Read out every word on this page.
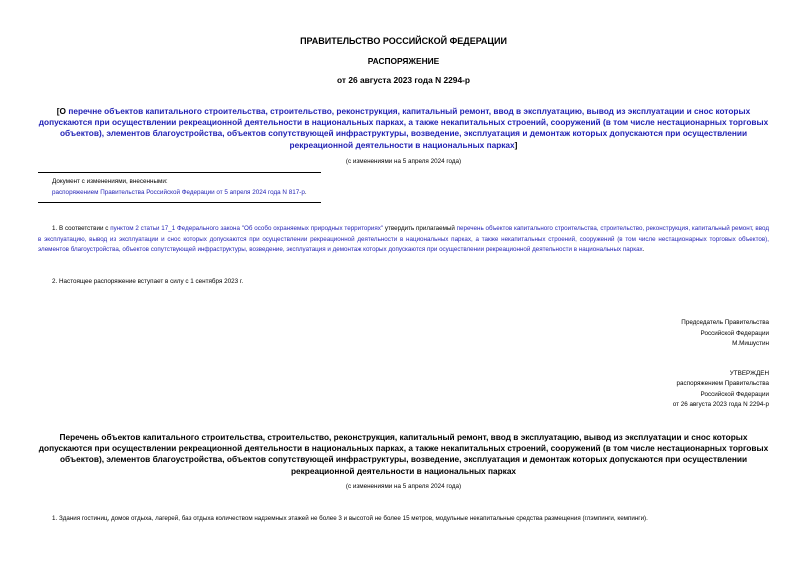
ПРАВИТЕЛЬСТВО РОССИЙСКОЙ ФЕДЕРАЦИИ
РАСПОРЯЖЕНИЕ
от 26 августа 2023 года N 2294-р
[О перечне объектов капитального строительства, строительство, реконструкция, капитальный ремонт, ввод в эксплуатацию, вывод из эксплуатации и снос которых допускаются при осуществлении рекреационной деятельности в национальных парках, а также некапитальных строений, сооружений (в том числе нестационарных торговых объектов), элементов благоустройства, объектов сопутствующей инфраструктуры, возведение, эксплуатация и демонтаж которых допускаются при осуществлении рекреационной деятельности в национальных парках]
(с изменениями на 5 апреля 2024 года)
Документ с изменениями, внесенными:
распоряжением Правительства Российской Федерации от 5 апреля 2024 года N 817-р.
1. В соответствии с пунктом 2 статьи 17_1 Федерального закона "Об особо охраняемых природных территориях" утвердить прилагаемый перечень объектов капитального строительства, строительство, реконструкция, капитальный ремонт, ввод в эксплуатацию, вывод из эксплуатации и снос которых допускаются при осуществлении рекреационной деятельности в национальных парках, а также некапитальных строений, сооружений (в том числе нестационарных торговых объектов), элементов благоустройства, объектов сопутствующей инфраструктуры, возведение, эксплуатация и демонтаж которых допускаются при осуществлении рекреационной деятельности в национальных парках.
2. Настоящее распоряжение вступает в силу с 1 сентября 2023 г.
Председатель Правительства
Российской Федерации
М.Мишустин
УТВЕРЖДЕН
распоряжением Правительства
Российской Федерации
от 26 августа 2023 года N 2294-р
Перечень объектов капитального строительства, строительство, реконструкция, капитальный ремонт, ввод в эксплуатацию, вывод из эксплуатации и снос которых допускаются при осуществлении рекреационной деятельности в национальных парках, а также некапитальных строений, сооружений (в том числе нестационарных торговых объектов), элементов благоустройства, объектов сопутствующей инфраструктуры, возведение, эксплуатация и демонтаж которых допускаются при осуществлении рекреационной деятельности в национальных парках
(с изменениями на 5 апреля 2024 года)
1. Здания гостиниц, домов отдыха, лагерей, баз отдыха количеством надземных этажей не более 3 и высотой не более 15 метров, модульные некапитальные средства размещения (глэмпинги, кемпинги).
